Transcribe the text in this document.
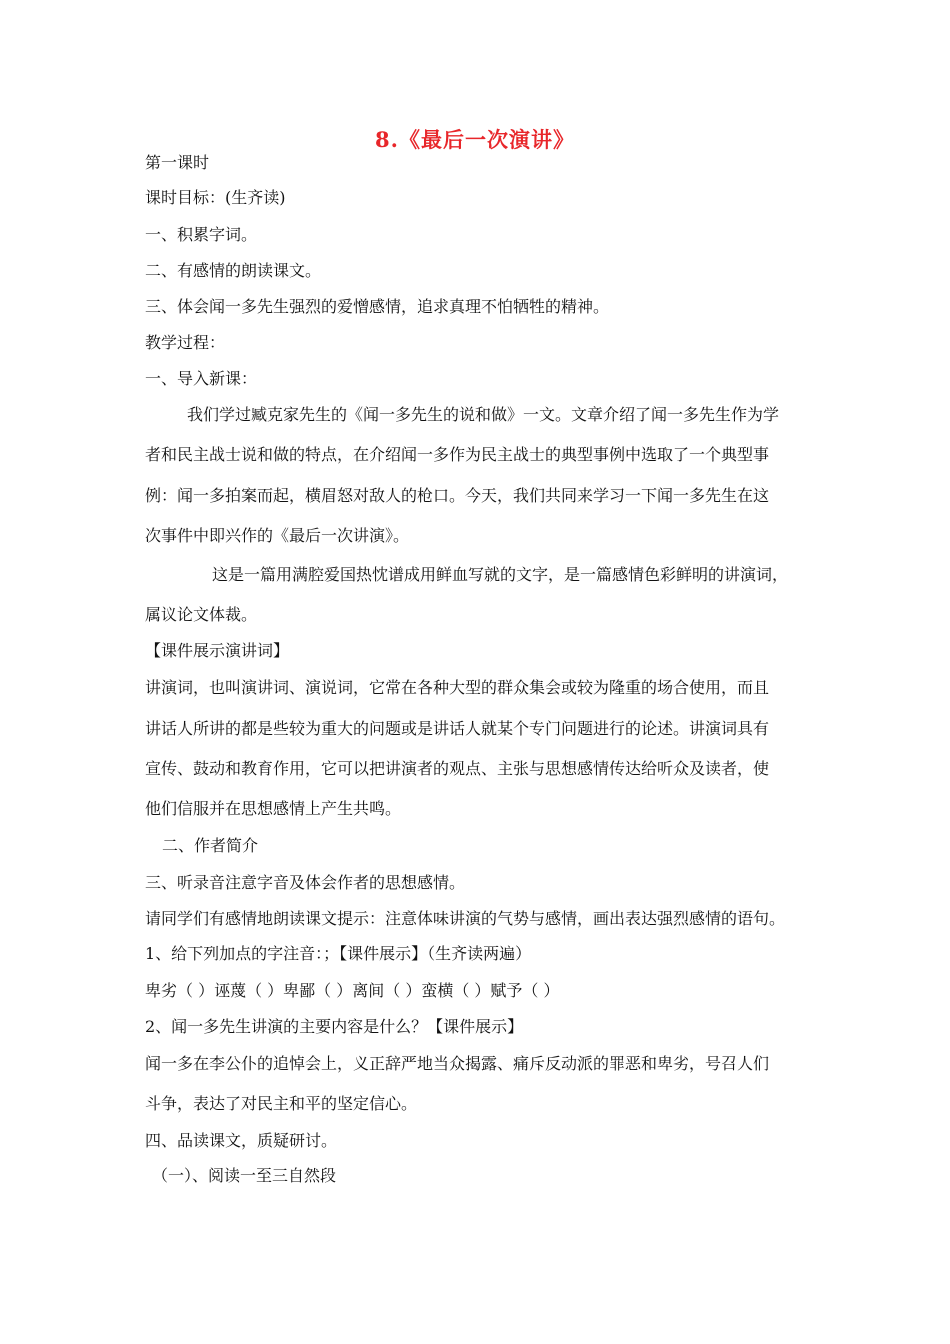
8.《最后一次演讲》
第一课时
课时目标：(生齐读)
一、积累字词。
二、有感情的朗读课文。
三、体会闻一多先生强烈的爱憎感情，追求真理不怕牺牲的精神。
教学过程：
一、导入新课：
我们学过臧克家先生的《闻一多先生的说和做》一文。文章介绍了闻一多先生作为学
者和民主战士说和做的特点，在介绍闻一多作为民主战士的典型事例中选取了一个典型事
例：闻一多拍案而起，横眉怒对敌人的枪口。今天，我们共同来学习一下闻一多先生在这
次事件中即兴作的《最后一次讲演》。
这是一篇用满腔爱国热忱谱成用鲜血写就的文字，是一篇感情色彩鲜明的讲演词，
属议论文体裁。
【课件展示演讲词】
讲演词，也叫演讲词、演说词，它常在各种大型的群众集会或较为隆重的场合使用，而且
讲话人所讲的都是些较为重大的问题或是讲话人就某个专门问题进行的论述。讲演词具有
宣传、鼓动和教育作用，它可以把讲演者的观点、主张与思想感情传达给听众及读者，使
他们信服并在思想感情上产生共鸣。
二、作者简介
三、听录音注意字音及体会作者的思想感情。
请同学们有感情地朗读课文提示：注意体味讲演的气势与感情，画出表达强烈感情的语句。
1、给下列加点的字注音：；【课件展示】（生齐读两遍）
卑劣（ ）诬蔑（ ）卑鄙（ ）离间（ ）蛮横（ ）赋予（ ）
2、闻一多先生讲演的主要内容是什么？【课件展示】
闻一多在李公仆的追悼会上，义正辞严地当众揭露、痛斥反动派的罪恶和卑劣，号召人们
斗争，表达了对民主和平的坚定信心。
四、品读课文，质疑研讨。
（一）、阅读一至三自然段
